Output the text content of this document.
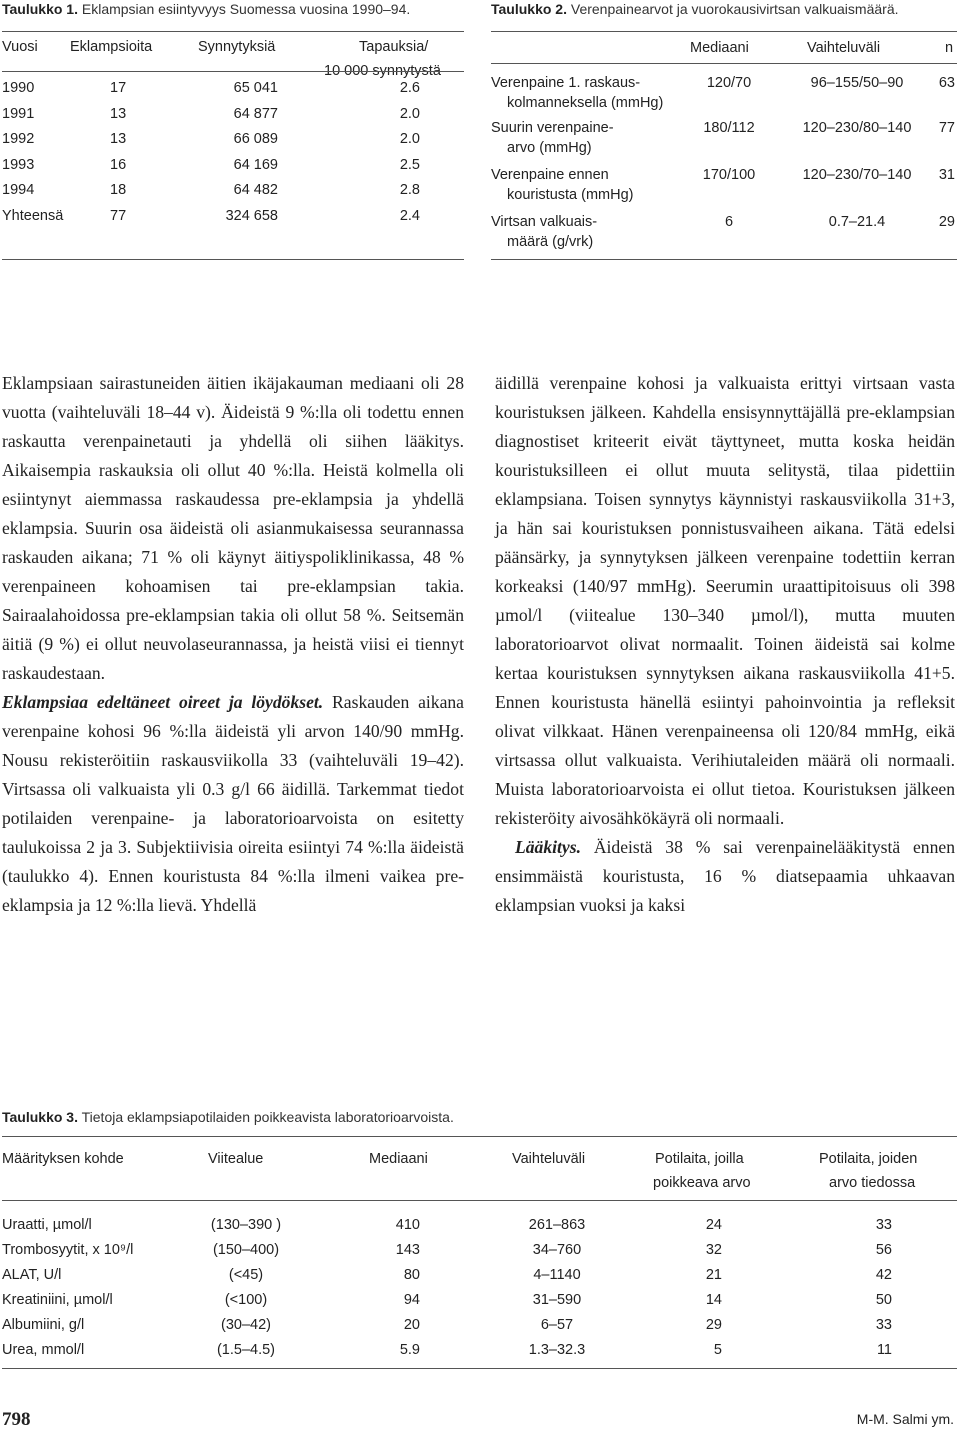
Taulukko 1. Eklampsian esiintyvyys Suomessa vuosina 1990–94.
Vuosi Eklampsioita	Synnytyksiä	Tapauksia/
10 000 synnytystä
1990	17	65 041	2.6
1991	13	64 877	2.0
1992	13	66 089	2.0
1993	16	64 169	2.5
1994	18	64 482	2.8
Yhteensä	77	324 658	2.4
Taulukko 2. Verenpainearvot ja vuorokausivirtsan valkuaismäärä.
Mediaani	Vaihteluväli	n
Verenpaine 1. raskaus-
kolmanneksella (mmHg)
120/70	96–155/50–90	63
Suurin verenpaine-
arvo (mmHg)
180/112	120–230/80–140	77
Verenpaine ennen
kouristusta (mmHg)
170/100	120–230/70–140	31
Virtsan valkuais-
määrä (g/vrk)
6	0.7–21.4	29

Eklampsiaan sairastuneiden äitien ikäjakauman mediaani oli 28 vuotta (vaihteluväli 18–44 v). Äideistä 9 %:lla oli todettu ennen raskautta verenpainetauti ja yhdellä oli siihen lääkitys. Aikaisempia raskauksia oli ollut 40 %:lla. Heistä kolmella oli esiintynyt aiemmassa raskaudessa pre-eklampsia ja yhdellä eklampsia. Suurin osa äideistä oli asianmukaisessa seurannassa raskauden aikana; 71 % oli käynyt äitiyspoliklinikassa, 48 % verenpaineen kohoamisen tai pre-eklampsian takia. Sairaalahoidossa pre-eklampsian takia oli ollut 58 %. Seitsemän äitiä (9 %) ei ollut neuvolaseurannassa, ja heistä viisi ei tiennyt raskaudestaan.

Eklampsiaa edeltäneet oireet ja löydökset. Raskauden aikana verenpaine kohosi 96 %:lla äideistä yli arvon 140/90 mmHg. Nousu rekisteröitiin raskausviikolla 33 (vaihteluväli 19–42). Virtsassa oli valkuaista yli 0.3 g/l 66 äidillä. Tarkemmat tiedot potilaiden verenpaine- ja laboratorioarvoista on esitetty taulukoissa 2 ja 3. Subjektiivisia oireita esiintyi 74 %:lla äideistä (taulukko 4). Ennen kouristusta 84 %:lla ilmeni vaikea pre-eklampsia ja 12 %:lla lievä. Yhdellä

äidillä verenpaine kohosi ja valkuaista erittyi virtsaan vasta kouristuksen jälkeen. Kahdella ensisynnyttäjällä pre-eklampsian diagnostiset kriteerit eivät täyttyneet, mutta koska heidän kouristuksilleen ei ollut muuta selitystä, tilaa pidettiin eklampsiana. Toisen synnytys käynnistyi raskausviikolla 31+3, ja hän sai kouristuksen ponnistusvaiheen aikana. Tätä edelsi päänsärky, ja synnytyksen jälkeen verenpaine todettiin kerran korkeaksi (140/97 mmHg). Seerumin uraattipitoisuus oli 398 µmol/l (viitealue 130–340 µmol/l), mutta muuten laboratorioarvot olivat normaalit. Toinen äideistä sai kolme kertaa kouristuksen synnytyksen aikana raskausviikolla 41+5. Ennen kouristusta hänellä esiintyi pahoinvointia ja refleksit olivat vilkkaat. Hänen verenpaineensa oli 120/84 mmHg, eikä virtsassa ollut valkuaista. Verihiutaleiden määrä oli normaali. Muista laboratorioarvoista ei ollut tietoa. Kouristuksen jälkeen rekisteröity aivosähkökäyrä oli normaali.

Lääkitys. Äideistä 38 % sai verenpainelääkitystä ennen ensimmäistä kouristusta, 16 % diatsepaamia uhkaavan eklampsian vuoksi ja kaksi

Taulukko 3. Tietoja eklampsiapotilaiden poikkeavista laboratorioarvoista.
Määrityksen kohde	Viitealue	Mediaani	Vaihteluväli	Potilaita, joilla
poikkeava arvo
Potilaita, joiden
arvo tiedossa
Uraatti, µmol/l	(130–390 )	410	261–863	24	33
Trombosyytit, x 10⁹/l	(150–400)	143	34–760	32	56
ALAT, U/l	(<45)	80	4–1140	21	42
Kreatiniini, µmol/l	(<100)	94	31–590	14	50
Albumiini, g/l	(30–42)	20	6–57	29	33
Urea, mmol/l	(1.5–4.5)	5.9	1.3–32.3	5	11
798	M-M. Salmi ym.
